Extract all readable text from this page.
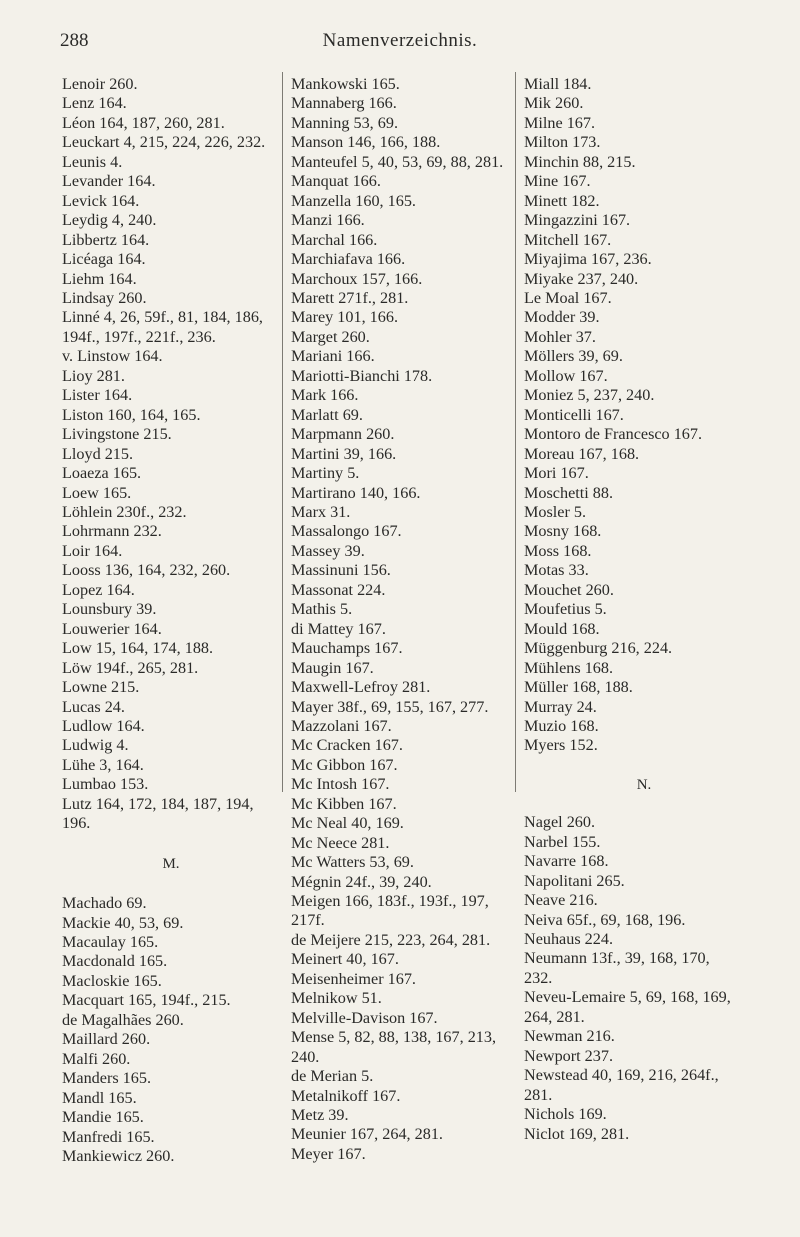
288	Namenverzeichnis.
Lenoir 260.
Lenz 164.
Léon 164, 187, 260, 281.
Leuckart 4, 215, 224, 226, 232.
Leunis 4.
Levander 164.
Levick 164.
Leydig 4, 240.
Libbertz 164.
Licéaga 164.
Liehm 164.
Lindsay 260.
Linné 4, 26, 59f., 81, 184, 186,
194f., 197f., 221f., 236.
v. Linstow 164.
Lioy 281.
Lister 164.
Liston 160, 164, 165.
Livingstone 215.
Lloyd 215.
Loaeza 165.
Loew 165.
Löhlein 230f., 232.
Lohrmann 232.
Loir 164.
Looss 136, 164, 232, 260.
Lopez 164.
Lounsbury 39.
Louwerier 164.
Low 15, 164, 174, 188.
Löw 194f., 265, 281.
Lowne 215.
Lucas 24.
Ludlow 164.
Ludwig 4.
Lühe 3, 164.
Lumbao 153.
Lutz 164, 172, 184, 187, 194,
196.
M.
Machado 69.
Mackie 40, 53, 69.
Macaulay 165.
Macdonald 165.
Macloskie 165.
Macquart 165, 194f., 215.
de Magalhães 260.
Maillard 260.
Malfi 260.
Manders 165.
Mandl 165.
Mandie 165.
Manfredi 165.
Mankiewicz 260.
Mankowski 165.
Mannaberg 166.
Manning 53, 69.
Manson 146, 166, 188.
Manteufel 5, 40, 53, 69, 88, 281.
Manquat 166.
Manzella 160, 165.
Manzi 166.
Marchal 166.
Marchiafava 166.
Marchoux 157, 166.
Marett 271f., 281.
Marey 101, 166.
Marget 260.
Mariani 166.
Mariotti-Bianchi 178.
Mark 166.
Marlatt 69.
Marpmann 260.
Martini 39, 166.
Martiny 5.
Martirano 140, 166.
Marx 31.
Massalongo 167.
Massey 39.
Massinuni 156.
Massonat 224.
Mathis 5.
di Mattey 167.
Mauchamps 167.
Maugin 167.
Maxwell-Lefroy 281.
Mayer 38f., 69, 155, 167, 277.
Mazzolani 167.
Mc Cracken 167.
Mc Gibbon 167.
Mc Intosh 167.
Mc Kibben 167.
Mc Neal 40, 169.
Mc Neece 281.
Mc Watters 53, 69.
Mégnin 24f., 39, 240.
Meigen 166, 183f., 193f., 197,
217f.
de Meijere 215, 223, 264, 281.
Meinert 40, 167.
Meisenheimer 167.
Melnikow 51.
Melville-Davison 167.
Mense 5, 82, 88, 138, 167, 213,
240.
de Merian 5.
Metalnikoff 167.
Metz 39.
Meunier 167, 264, 281.
Meyer 167.
Miall 184.
Mik 260.
Milne 167.
Milton 173.
Minchin 88, 215.
Mine 167.
Minett 182.
Mingazzini 167.
Mitchell 167.
Miyajima 167, 236.
Miyake 237, 240.
Le Moal 167.
Modder 39.
Mohler 37.
Möllers 39, 69.
Mollow 167.
Moniez 5, 237, 240.
Monticelli 167.
Montoro de Francesco 167.
Moreau 167, 168.
Mori 167.
Moschetti 88.
Mosler 5.
Mosny 168.
Moss 168.
Motas 33.
Mouchet 260.
Moufetius 5.
Mould 168.
Müggenburg 216, 224.
Mühlens 168.
Müller 168, 188.
Murray 24.
Muzio 168.
Myers 152.
N.
Nagel 260.
Narbel 155.
Navarre 168.
Napolitani 265.
Neave 216.
Neiva 65f., 69, 168, 196.
Neuhaus 224.
Neumann 13f., 39, 168, 170,
232.
Neveu-Lemaire 5, 69, 168, 169,
264, 281.
Newman 216.
Newport 237.
Newstead 40, 169, 216, 264f.,
281.
Nichols 169.
Niclot 169, 281.
